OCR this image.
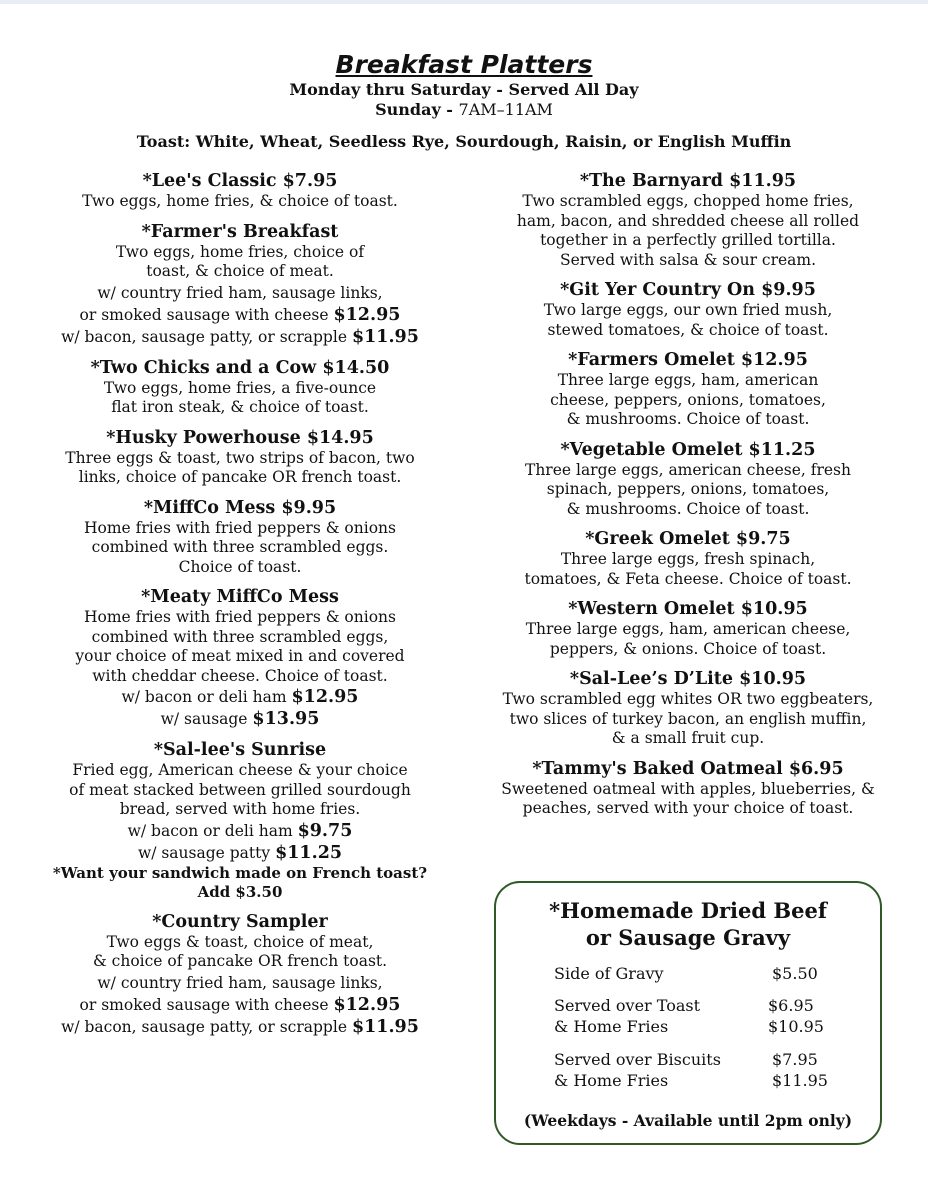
Breakfast Platters
Monday thru Saturday - Served All Day
Sunday - 7AM–11AM
Toast: White, Wheat, Seedless Rye, Sourdough, Raisin, or English Muffin
*Lee's Classic $7.95
Two eggs, home fries, & choice of toast.
*Farmer's Breakfast
Two eggs, home fries, choice of
toast, & choice of meat.
w/ country fried ham, sausage links,
or smoked sausage with cheese $12.95
w/ bacon, sausage patty, or scrapple $11.95
*Two Chicks and a Cow $14.50
Two eggs, home fries, a five-ounce
flat iron steak, & choice of toast.
*Husky Powerhouse $14.95
Three eggs & toast, two strips of bacon, two
links, choice of pancake OR french toast.
*MiffCo Mess $9.95
Home fries with fried peppers & onions
combined with three scrambled eggs.
Choice of toast.
*Meaty MiffCo Mess
Home fries with fried peppers & onions
combined with three scrambled eggs,
your choice of meat mixed in and covered
with cheddar cheese. Choice of toast.
w/ bacon or deli ham $12.95
w/ sausage $13.95
*Sal-lee's Sunrise
Fried egg, American cheese & your choice
of meat stacked between grilled sourdough
bread, served with home fries.
w/ bacon or deli ham $9.75
w/ sausage patty $11.25
*Want your sandwich made on French toast?
Add $3.50
*Country Sampler
Two eggs & toast, choice of meat,
& choice of pancake OR french toast.
w/ country fried ham, sausage links,
or smoked sausage with cheese $12.95
w/ bacon, sausage patty, or scrapple $11.95
*The Barnyard $11.95
Two scrambled eggs, chopped home fries,
ham, bacon, and shredded cheese all rolled
together in a perfectly grilled tortilla.
Served with salsa & sour cream.
*Git Yer Country On $9.95
Two large eggs, our own fried mush,
stewed tomatoes, & choice of toast.
*Farmers Omelet $12.95
Three large eggs, ham, american
cheese, peppers, onions, tomatoes,
& mushrooms. Choice of toast.
*Vegetable Omelet $11.25
Three large eggs, american cheese, fresh
spinach, peppers, onions, tomatoes,
& mushrooms. Choice of toast.
*Greek Omelet $9.75
Three large eggs, fresh spinach,
tomatoes, & Feta cheese. Choice of toast.
*Western Omelet $10.95
Three large eggs, ham, american cheese,
peppers, & onions. Choice of toast.
*Sal-Lee’s D’Lite $10.95
Two scrambled egg whites OR two eggbeaters,
two slices of turkey bacon, an english muffin,
& a small fruit cup.
*Tammy's Baked Oatmeal $6.95
Sweetened oatmeal with apples, blueberries, &
peaches, served with your choice of toast.
*Homemade Dried Beef
or Sausage Gravy
Side of Gravy	$5.50
Served over Toast
& Home Fries
$6.95
$10.95
Served over Biscuits
& Home Fries
$7.95
$11.95
(Weekdays - Available until 2pm only)
